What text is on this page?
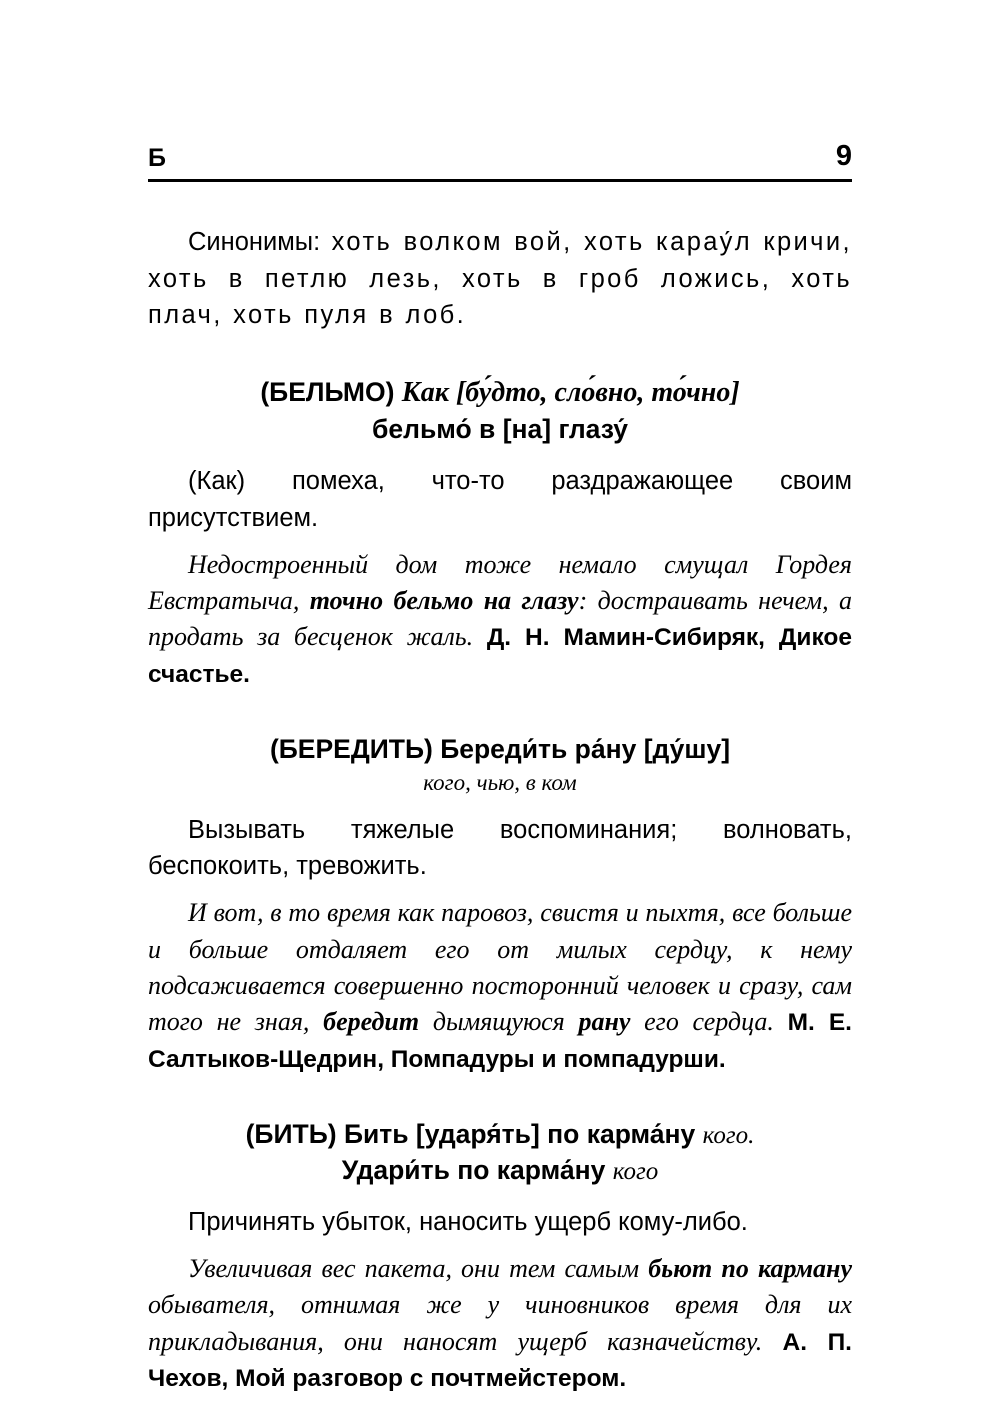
Б	9

Синонимы: хоть волком вой, хоть карау́л кричи, хоть в петлю лезь, хоть в гроб ложись, хоть плач, хоть пуля в лоб.

(БЕЛЬМО) Как [бу́дто, сло́вно, то́чно]
бельмо́ в [на] глазу́

(Как) помеха, что-то раздражающее своим присутствием.

Недостроенный дом тоже немало смущал Гордея Евстратыча, точно бельмо на глазу: достраивать нечем, а продать за бесценок жаль. Д. Н. Мамин-Сибиряк, Дикое счастье.

(БЕРЕДИТЬ) Береди́ть ра́ну [ду́шу]

кого, чью, в ком

Вызывать тяжелые воспоминания; волновать, беспокоить, тревожить.

И вот, в то время как паровоз, свистя и пыхтя, все больше и больше отдаляет его от милых сердцу, к нему подсаживается совершенно посторонний человек и сразу, сам того не зная, бередит дымящуюся рану его сердца. М. Е. Салтыков-Щедрин, Помпадуры и помпадурши.

(БИТЬ) Бить [ударя́ть] по карма́ну кого.
Удари́ть по карма́ну кого

Причинять убыток, наносить ущерб кому-либо.

Увеличивая вес пакета, они тем самым бьют по карману обывателя, отнимая же у чиновников время для их прикладывания, они наносят ущерб казначейству. А. П. Чехов, Мой разговор с почтмейстером.
